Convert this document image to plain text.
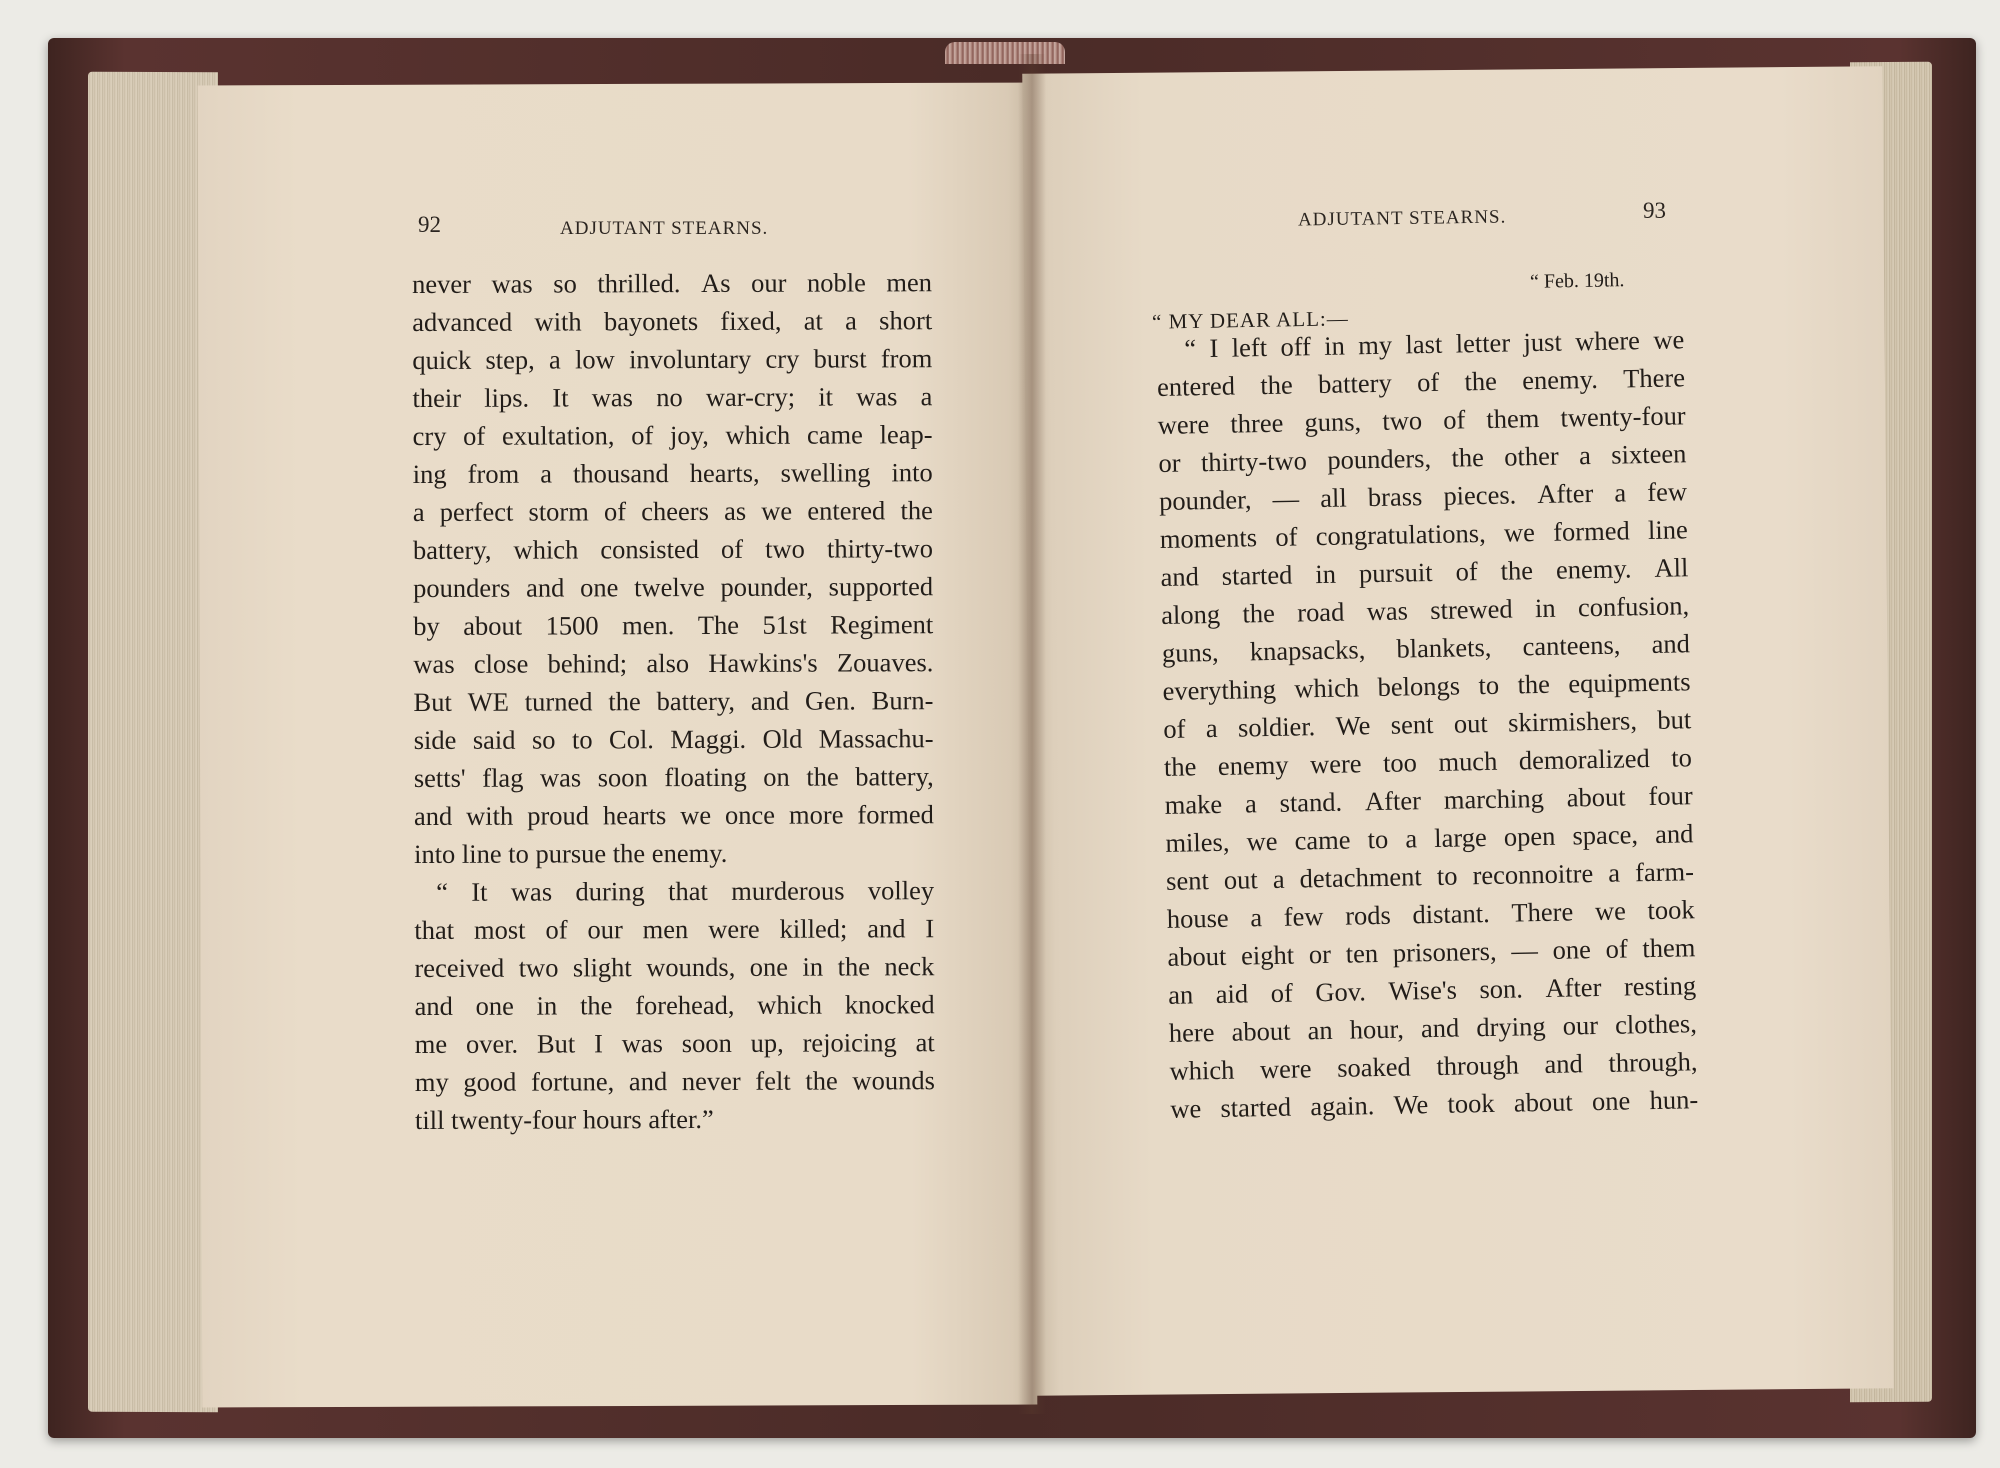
92	ADJUTANT STEARNS.	ADJUTANT STEARNS.	93
never was so thrilled. As our noble men
advanced with bayonets fixed, at a short
quick step, a low involuntary cry burst from
their lips. It was no war-cry; it was a
cry of exultation, of joy, which came leap-
ing from a thousand hearts, swelling into
a perfect storm of cheers as we entered the
battery, which consisted of two thirty-two
pounders and one twelve pounder, supported
by about 1500 men. The 51st Regiment
was close behind; also Hawkins's Zouaves.
But WE turned the battery, and Gen. Burn-
side said so to Col. Maggi. Old Massachu-
setts' flag was soon floating on the battery,
and with proud hearts we once more formed
into line to pursue the enemy.
“ It was during that murderous volley
that most of our men were killed; and I
received two slight wounds, one in the neck
and one in the forehead, which knocked
me over. But I was soon up, rejoicing at
my good fortune, and never felt the wounds
till twenty-four hours after.”
“ Feb. 19th.
“ MY DEAR ALL:—
“ I left off in my last letter just where we
entered the battery of the enemy. There
were three guns, two of them twenty-four
or thirty-two pounders, the other a sixteen
pounder, — all brass pieces. After a few
moments of congratulations, we formed line
and started in pursuit of the enemy. All
along the road was strewed in confusion,
guns, knapsacks, blankets, canteens, and
everything which belongs to the equipments
of a soldier. We sent out skirmishers, but
the enemy were too much demoralized to
make a stand. After marching about four
miles, we came to a large open space, and
sent out a detachment to reconnoitre a farm-
house a few rods distant. There we took
about eight or ten prisoners, — one of them
an aid of Gov. Wise's son. After resting
here about an hour, and drying our clothes,
which were soaked through and through,
we started again. We took about one hun-
